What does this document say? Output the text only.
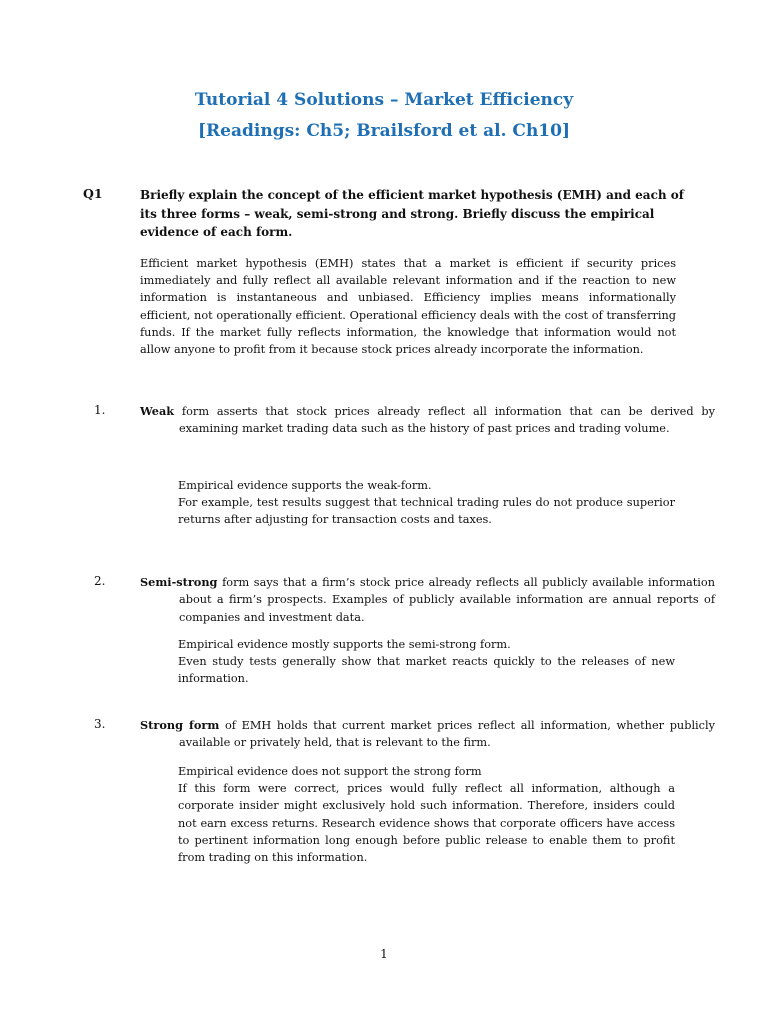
Tutorial 4 Solutions – Market Efficiency
[Readings: Ch5; Brailsford et al. Ch10]
Q1	Briefly explain the concept of the efficient market hypothesis (EMH) and each of its three forms – weak, semi-strong and strong. Briefly discuss the empirical evidence of each form.
Efficient market hypothesis (EMH) states that a market is efficient if security prices immediately and fully reflect all available relevant information and if the reaction to new information is instantaneous and unbiased. Efficiency implies means informationally efficient, not operationally efficient. Operational efficiency deals with the cost of transferring funds. If the market fully reflects information, the knowledge that information would not allow anyone to profit from it because stock prices already incorporate the information.
1.	Weak form asserts that stock prices already reflect all information that can be derived by examining market trading data such as the history of past prices and trading volume.
Empirical evidence supports the weak-form.
For example, test results suggest that technical trading rules do not produce superior returns after adjusting for transaction costs and taxes.
2.	Semi-strong form says that a firm’s stock price already reflects all publicly available information about a firm’s prospects. Examples of publicly available information are annual reports of companies and investment data.
Empirical evidence mostly supports the semi-strong form.
Even study tests generally show that market reacts quickly to the releases of new information.
3.	Strong form of EMH holds that current market prices reflect all information, whether publicly available or privately held, that is relevant to the firm.
Empirical evidence does not support the strong form
If this form were correct, prices would fully reflect all information, although a corporate insider might exclusively hold such information. Therefore, insiders could not earn excess returns. Research evidence shows that corporate officers have access to pertinent information long enough before public release to enable them to profit from trading on this information.
1
